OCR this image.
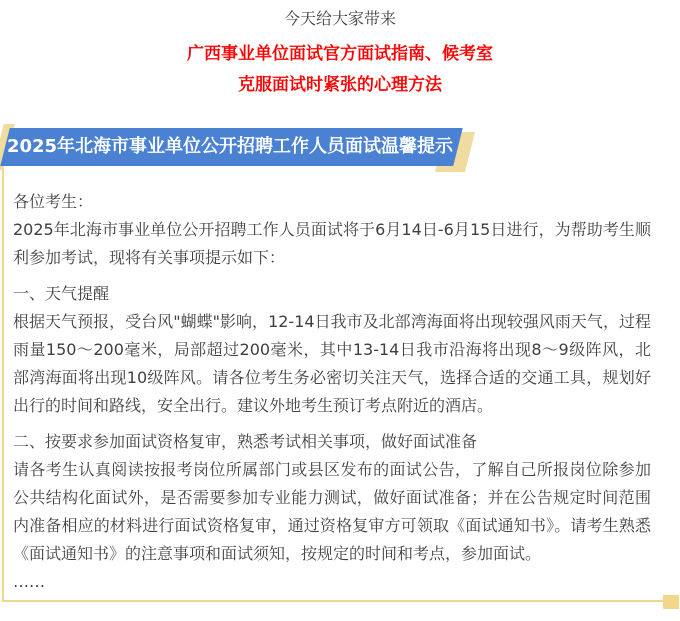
今天给大家带来

广西事业单位面试官方面试指南、候考室

克服面试时紧张的心理方法

2025年北海市事业单位公开招聘工作人员面试温馨提示

各位考生：

2025年北海市事业单位公开招聘工作人员面试将于6月14日-6月15日进行，为帮助考生顺利参加考试，现将有关事项提示如下：

一、天气提醒

根据天气预报，受台风"蝴蝶"影响，12-14日我市及北部湾海面将出现较强风雨天气，过程雨量150～200毫米，局部超过200毫米，其中13-14日我市沿海将出现8～9级阵风，北部湾海面将出现10级阵风。请各位考生务必密切关注天气，选择合适的交通工具，规划好出行的时间和路线，安全出行。建议外地考生预订考点附近的酒店。

二、按要求参加面试资格复审，熟悉考试相关事项，做好面试准备

请各考生认真阅读按报考岗位所属部门或县区发布的面试公告，了解自己所报岗位除参加公共结构化面试外，是否需要参加专业能力测试，做好面试准备；并在公告规定时间范围内准备相应的材料进行面试资格复审，通过资格复审方可领取《面试通知书》。请考生熟悉《面试通知书》的注意事项和面试须知，按规定的时间和考点，参加面试。

……
